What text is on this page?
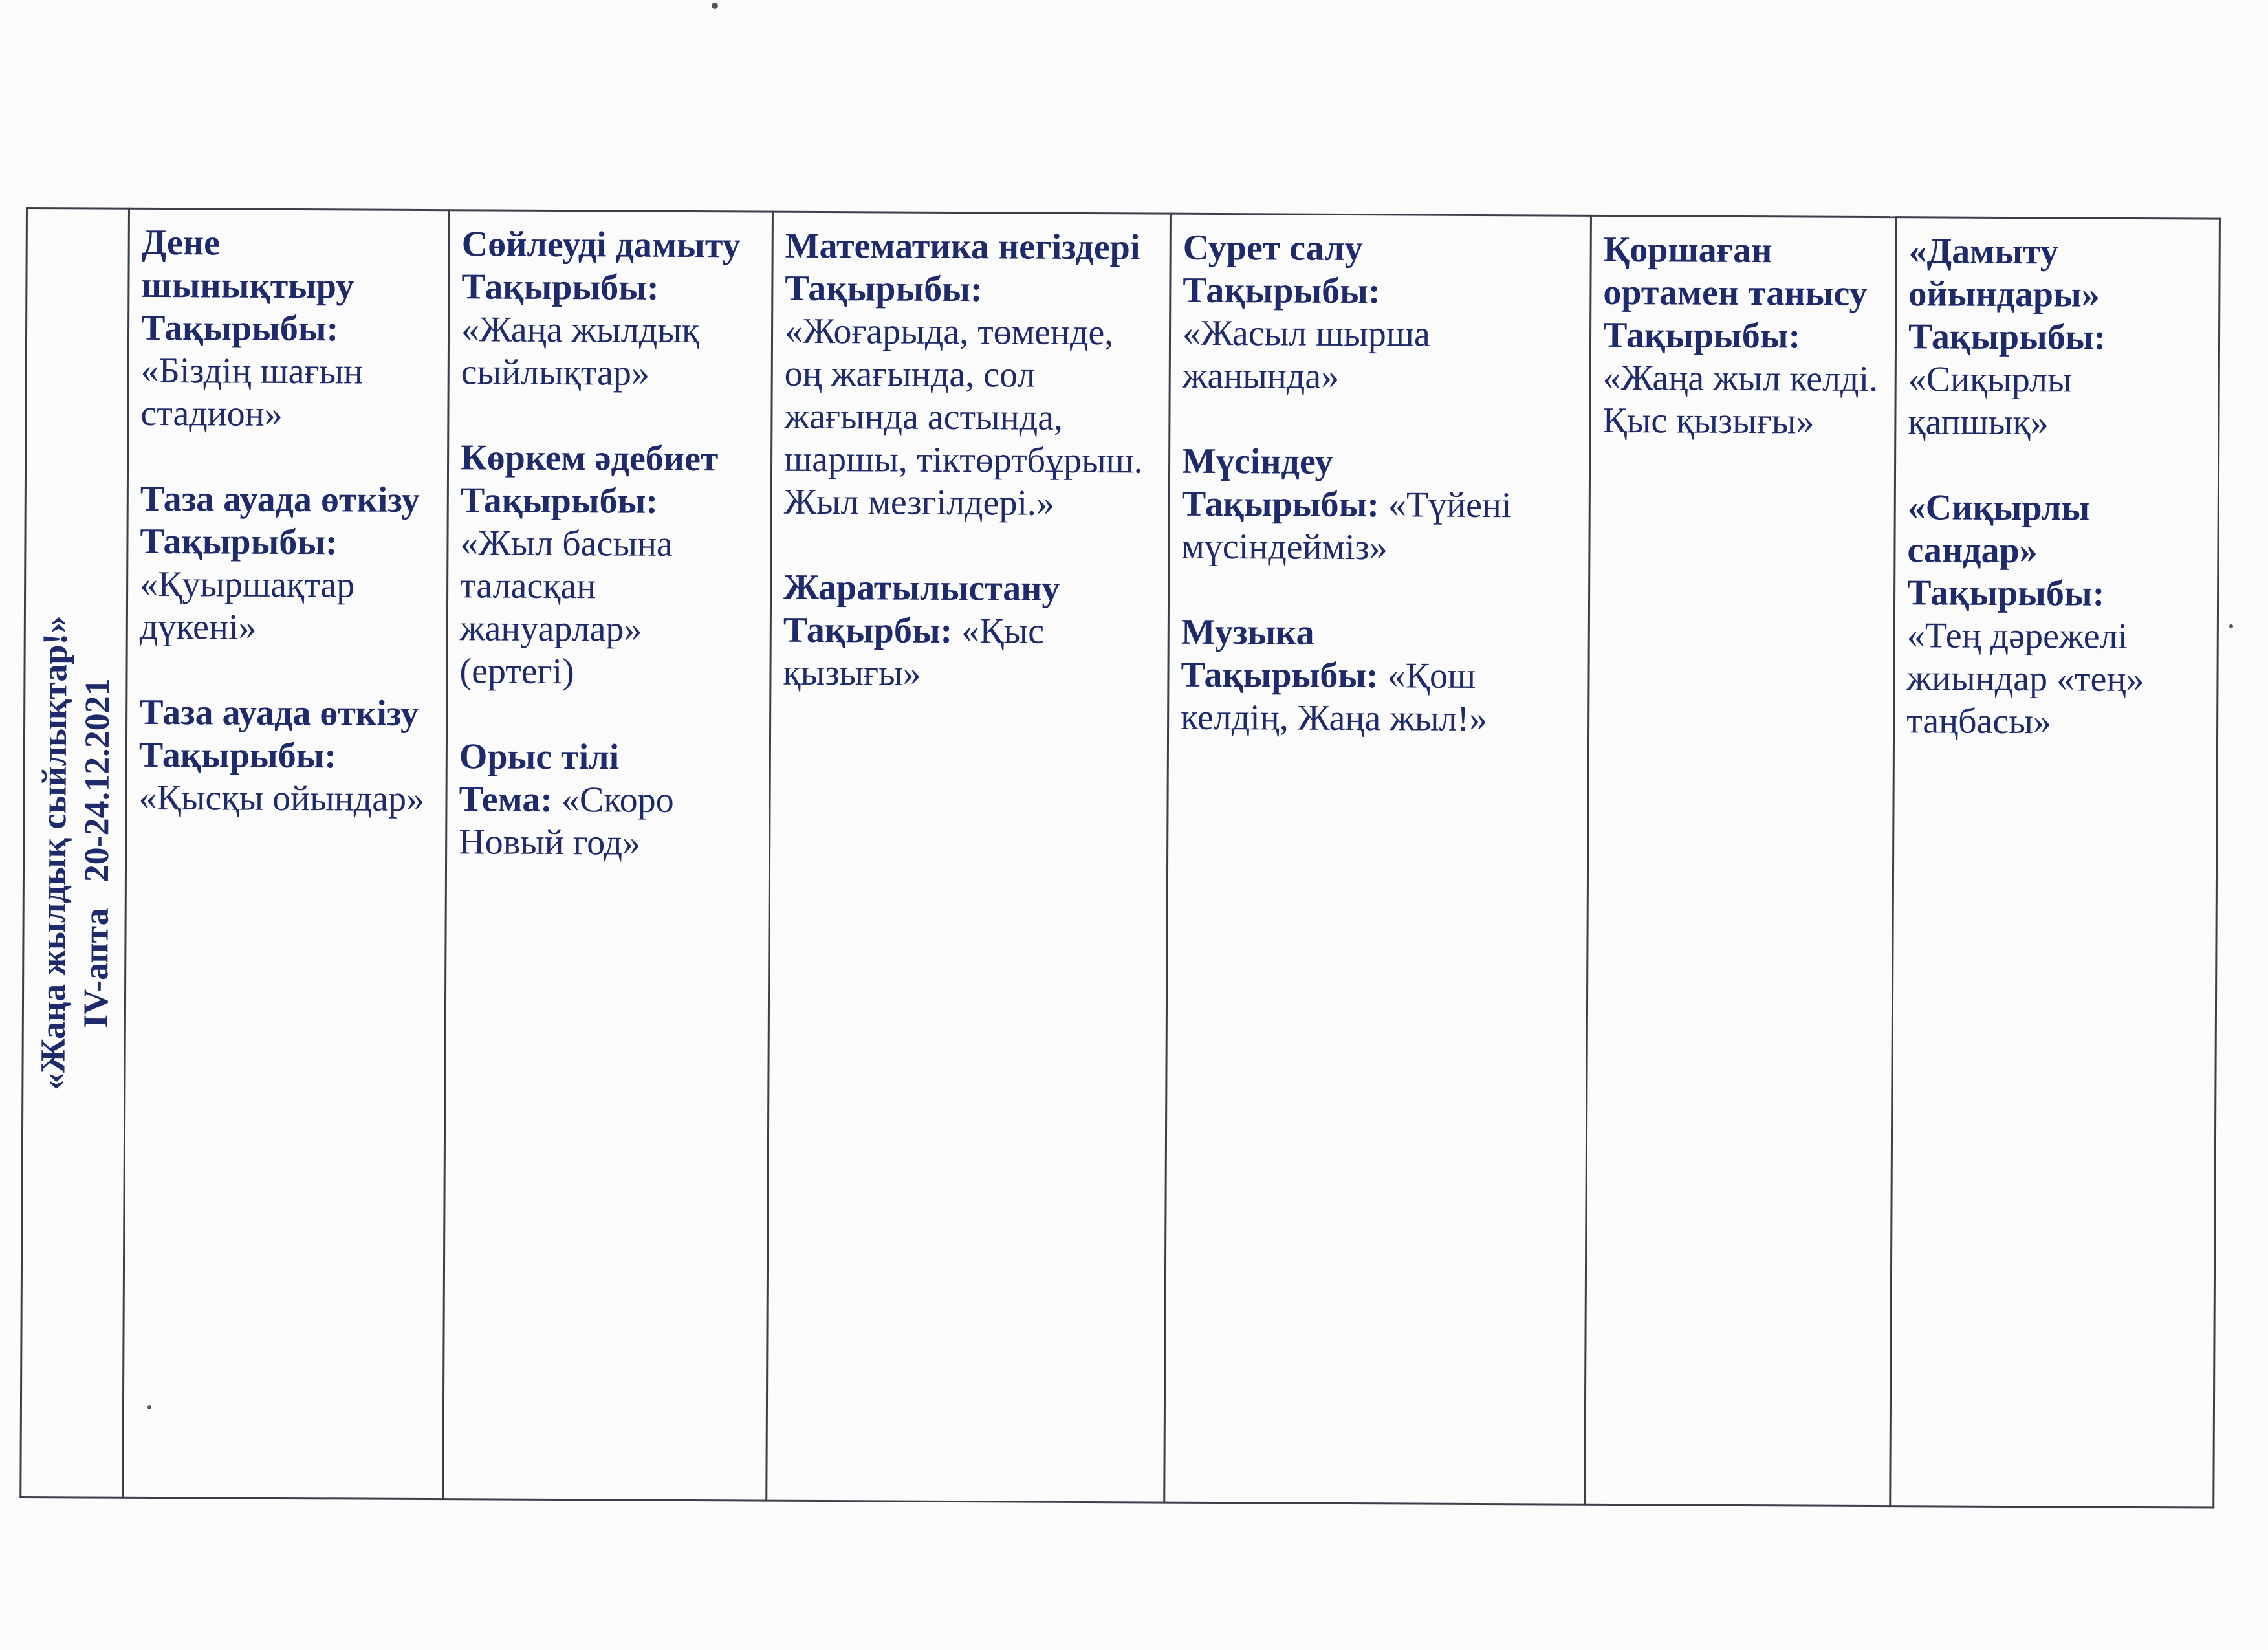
«Жаңа жылдық сыйлықтар!» IV-апта20-24.12.2021

Дене шынықтыру
Тақырыбы:
«Біздің шағын стадион»
Таза ауада өткізу
Тақырыбы:
«Қуыршақтар дүкені»
Таза ауада өткізу
Тақырыбы:
«Қысқы ойындар»

Сөйлеуді дамыту
Тақырыбы:
«Жаңа жылдық сыйлықтар»
Көркем әдебиет
Тақырыбы:
«Жыл басына таласқан жануарлар» (ертегі)
Орыс тілі
Тема: «Скоро Новый год»

Математика негіздері
Тақырыбы:
«Жоғарыда, төменде, оң жағында, сол жағында астында, шаршы, тіктөртбұрыш. Жыл мезгілдері.»
Жаратылыстану
Тақырбы: «Қыс қызығы»

Сурет салу
Тақырыбы:
«Жасыл шырша жанында»
Мүсіндеу
Тақырыбы: «Түйені мүсіндейміз»
Музыка
Тақырыбы: «Қош келдің, Жаңа жыл!»

Қоршаған ортамен танысу
Тақырыбы:
«Жаңа жыл келді. Қыс қызығы»

«Дамыту ойындары»
Тақырыбы:
«Сиқырлы қапшық»
«Сиқырлы сандар»
Тақырыбы:
«Тең дәрежелі жиындар «тең» таңбасы»
